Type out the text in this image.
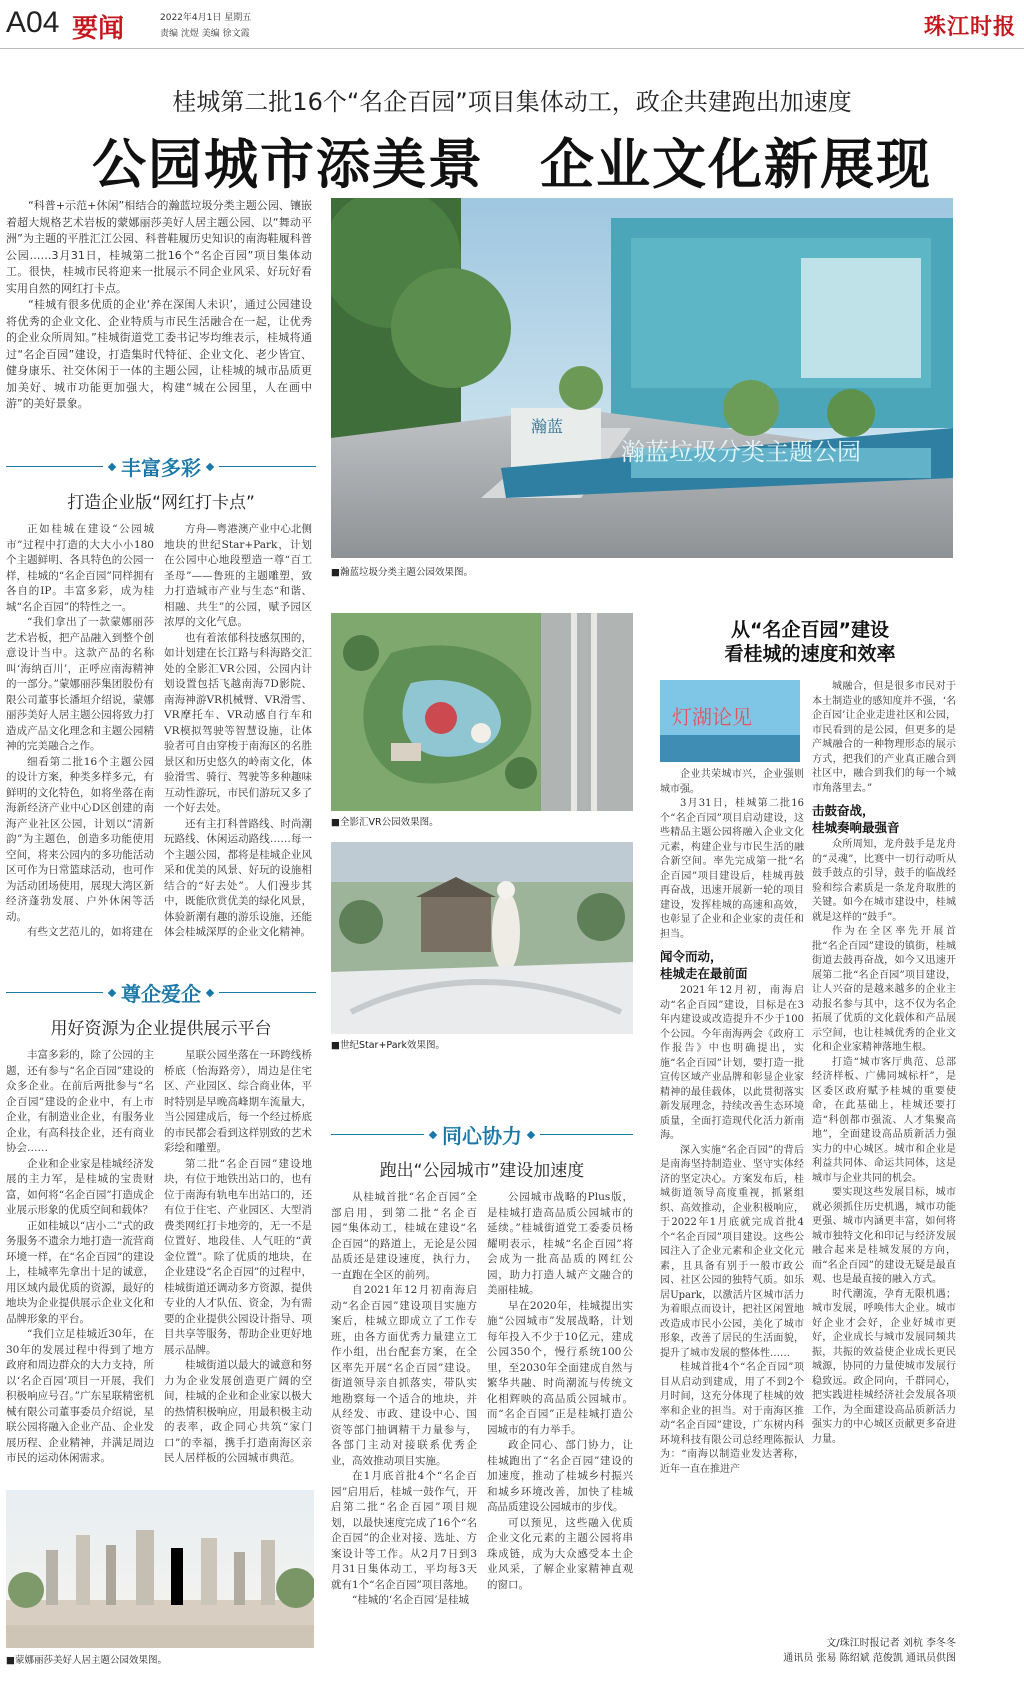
A04 要闻	2022年4月1日 星期五
责编 沈煜 美编 徐文霞	珠江时报
桂城第二批16个“名企百园”项目集体动工，政企共建跑出加速度
公园城市添美景　企业文化新展现

“科普+示范+休闲”相结合的瀚蓝垃圾分类主题公园、镶嵌着超大规格艺术岩板的蒙娜丽莎美好人居主题公园、以“舞动平洲”为主题的平胜汇江公园、科普鞋履历史知识的南海鞋履科普公园……3月31日，桂城第二批16个“名企百园”项目集体动工。很快，桂城市民将迎来一批展示不同企业风采、好玩好看实用自然的网红打卡点。

“桂城有很多优质的企业‘养在深闺人未识’，通过公园建设将优秀的企业文化、企业特质与市民生活融合在一起，让优秀的企业众所周知。”桂城街道党工委书记岑均维表示，桂城将通过“名企百园”建设，打造集时代特征、企业文化、老少皆宜、健身康乐、社交休闲于一体的主题公园，让桂城的城市品质更加美好、城市功能更加强大，构建“城在公园里，人在画中游”的美好景象。

丰富多彩
打造企业版“网红打卡点”

正如桂城在建设“公园城市”过程中打造的大大小小180个主题鲜明、各具特色的公园一样，桂城的“名企百园”同样拥有各自的IP。丰富多彩，成为桂城“名企百园”的特性之一。

“我们拿出了一款蒙娜丽莎艺术岩板，把产品融入到整个创意设计当中。这款产品的名称叫‘海纳百川’，正呼应南海精神的一部分。”蒙娜丽莎集团股份有限公司董事长潘垣介绍说，蒙娜丽莎美好人居主题公园将致力打造成产品文化理念和主题公园精神的完美融合之作。

细看第二批16个主题公园的设计方案，种类多样多元，有鲜明的文化特色，如将坐落在南海新经济产业中心D区创建的南海产业社区公园，计划以“清新韵”为主题色，创造多功能使用空间，将来公园内的多功能活动区可作为日常篮球活动，也可作为活动团场使用，展现大湾区新经济蓬勃发展、户外休闲等活动。

有些文艺范儿的，如将建在

方舟—粤港澳产业中心北侧地块的世纪Star+Park，计划在公园中心地段塑造一尊“百工圣母”——鲁班的主题雕塑，致力打造城市产业与生态“和谐、相融、共生”的公园，赋予园区浓厚的文化气息。

也有着浓郁科技感氛围的，如计划建在长江路与科海路交汇处的全影汇VR公园，公园内计划设置包括飞越南海7D影院、南海神游VR机械臂、VR滑雪、VR摩托车、VR动感自行车和VR模拟驾驶等智慧设施，让体验者可自由穿梭于南海区的名胜景区和历史悠久的岭南文化，体验滑雪、骑行、驾驶等多种趣味互动性游玩，市民们游玩又多了一个好去处。

还有主打科普路线、时尚潮玩路线、休闲运动路线……每一个主题公园，都将是桂城企业风采和优美的风景、好玩的设施相结合的“好去处”。人们漫步其中，既能欣赏优美的绿化风景，体验新潮有趣的游乐设施，还能体会桂城深厚的企业文化精神。

尊企爱企
用好资源为企业提供展示平台

丰富多彩的，除了公园的主题，还有参与“名企百园”建设的众多企业。在前后两批参与“名企百园”建设的企业中，有上市企业，有制造业企业，有服务业企业，有高科技企业，还有商业协会……

企业和企业家是桂城经济发展的主力军，是桂城的宝贵财富，如何将“名企百园”打造成企业展示形象的优质空间和载体？

正如桂城以“店小二”式的政务服务不遗余力地打造一流营商环境一样，在“名企百园”的建设上，桂城率先拿出十足的诚意，用区域内最优质的资源，最好的地块为企业提供展示企业文化和品牌形象的平台。

“我们立足桂城近30年，在30年的发展过程中得到了地方政府和周边群众的大力支持，所以‘名企百园’项目一开展，我们积极响应号召。”广东星联精密机械有限公司董事委员介绍说，星联公园将融入企业产品、企业发展历程、企业精神，并满足周边市民的运动休闲需求。

星联公园坐落在一环跨线桥桥底（怡海路旁），周边是住宅区、产业园区、综合商业体，平时特别是早晚高峰期车流量大，当公园建成后，每一个经过桥底的市民都会看到这样别致的艺术彩绘和雕塑。

第二批“名企百园”建设地块，有位于地铁出站口的，也有位于南海有轨电车出站口的，还有位于住宅、产业园区、大型消费类网红打卡地旁的，无一不是位置好、地段佳、人气旺的“黄金位置”。除了优质的地块，在企业建设“名企百园”的过程中，桂城街道还调动多方资源，提供专业的人才队伍、资金，为有需要的企业提供公园设计指导、项目共享等服务，帮助企业更好地展示品牌。

桂城街道以最大的诚意和努力为企业发展创造更广阔的空间，桂城的企业和企业家以极大的热情积极响应，用最积极主动的表率，政企同心共筑“家门口”的幸福，携手打造南海区亲民人居样板的公园城市典范。

■蒙娜丽莎美好人居主题公园效果图。
瀚蓝
瀚蓝垃圾分类主题公园
■瀚蓝垃圾分类主题公园效果图。
■全影汇VR公园效果图。
■世纪Star+Park效果图。
同心协力
跑出“公园城市”建设加速度

从桂城首批“名企百园”全部启用，到第二批“名企百园”集体动工，桂城在建设“名企百园”的路道上，无论是公园品质还是建设速度，执行力，一直跑在全区的前列。

自2021年12月初南海启动“名企百园”建设项目实施方案后，桂城立即成立了工作专班，由各方面优秀力量建立工作小组，出台配套方案，在全区率先开展“名企百园”建设。街道领导亲自抓落实，带队实地勘察每一个适合的地块，并从经发、市政、建设中心、国资等部门抽调精干力量参与，各部门主动对接联系优秀企业，高效推动项目实施。

在1月底首批4个“名企百园”启用后，桂城一鼓作气，开启第二批“名企百园”项目规划，以最快速度完成了16个“名企百园”的企业对接、选址、方案设计等工作。从2月7日到3月31日集体动工，平均每3天就有1个“名企百园”项目落地。

“桂城的‘名企百园’是桂城

公园城市战略的Plus版，是桂城打造高品质公园城市的延续。”桂城街道党工委委员杨耀明表示，桂城“名企百园”将会成为一批高品质的网红公园，助力打造人城产文融合的美丽桂城。

早在2020年，桂城提出实施“公园城市”发展战略，计划每年投入不少于10亿元，建成公园350个，慢行系统100公里，至2030年全面建成自然与繁华共融、时尚潮流与传统文化相辉映的高品质公园城市。而“名企百园”正是桂城打造公园城市的有力举手。

政企同心、部门协力，让桂城跑出了“名企百园”建设的加速度，推动了桂城乡村振兴和城乡环境改善，加快了桂城高品质建设公园城市的步伐。

可以预见，这些融入优质企业文化元素的主题公园将串珠成链，成为大众感受本土企业风采，了解企业家精神直观的窗口。

从“名企百园”建设
看桂城的速度和效率
灯湖论见

企业共荣城市兴，企业强则城市强。

3月31日，桂城第二批16个“名企百园”项目启动建设，这些精品主题公园将融入企业文化元素，构建企业与市民生活的融合新空间。率先完成第一批“名企百园”项目建设后，桂城再鼓再奋战，迅速开展新一轮的项目建设，发挥桂城的高速和高效，也彰显了企业和企业家的责任和担当。

闻令而动，
桂城走在最前面

2021年12月初，南海启动“名企百园”建设，目标是在3年内建设或改造提升不少于100个公园。今年南海两会《政府工作报告》中也明确提出，实施“名企百园”计划，要打造一批宣传区域产业品牌和彰显企业家精神的最佳载体，以此贯彻落实新发展理念，持续改善生态环境质量，全面打造现代化活力新南海。

深入实施“名企百园”的背后是南海坚持制造业、坚守实体经济的坚定决心。方案发布后，桂城街道领导高度重视，抓紧组织、高效推动，企业积极响应，于2022年1月底就完成首批4个“名企百园”项目建设。这些公园注入了企业元素和企业文化元素，且具备有别于一般市政公园、社区公园的独特气质。如乐居Upark，以激活片区城市活力为着眼点而设计，把社区闲置地改造成市民小公园，美化了城市形象，改善了居民的生活面貌，提升了城市发展的整体性……

桂城首批4个“名企百园”项目从启动到建成，用了不到2个月时间，这充分体现了桂城的效率和企业的担当。对于南海区推动“名企百园”建设，广东树内科环境科技有限公司总经理陈振认为：“南海以制造业发达著称，近年一直在推进产

城融合，但是很多市民对于本土制造业的感知度并不强，‘名企百园’让企业走进社区和公园，市民看到的是公园，但更多的是产城融合的一种物理形态的展示方式，把我们的产业真正融合到社区中，融合到我们的每一个城市角落里去。”

击鼓奋战，
桂城奏响最强音

众所周知，龙舟鼓手是龙舟的“灵魂”，比赛中一切行动听从鼓手鼓点的引导，鼓手的临战经验和综合素质是一条龙舟取胜的关键。如今在城市建设中，桂城就是这样的“鼓手”。

作为在全区率先开展首批“名企百园”建设的镇街，桂城街道去鼓再奋战，如今又迅速开展第二批“名企百园”项目建设，让人兴奋的是越来越多的企业主动报名参与其中，这不仅为名企拓展了优质的文化载体和产品展示空间，也让桂城优秀的企业文化和企业家精神落地生根。

打造“城市客厅典范、总部经济样板、广佛同城标杆”，是区委区政府赋予桂城的重要使命，在此基础上，桂城还要打造“科创都市强流、人才集聚高地”，全面建设高品质新活力强实力的中心城区。城市和企业是利益共同体、命运共同体，这是城市与企业共同的机会。

要实现这些发展目标，城市就必须抓住历史机遇，城市功能更强、城市内涵更丰富，如何将城市独特文化和印记与经济发展融合起来是桂城发展的方向，而“名企百园”的建设无疑是最直观、也是最直接的融入方式。

时代潮流，孕育无限机遇；城市发展，呼唤伟大企业。城市好企业才会好，企业好城市更好，企业成长与城市发展同频共振，共振的效益使企业成长更民城源，协同的力量使城市发展行稳致远。政企同向，千群同心，把实践进桂城经济社会发展各项工作，为全面建设高品质新活力强实力的中心城区贡献更多奋进力量。

文/珠江时报记者 刘杭 李冬冬
通讯员 张易 陈绍斌 范俊凯 通讯员供图
